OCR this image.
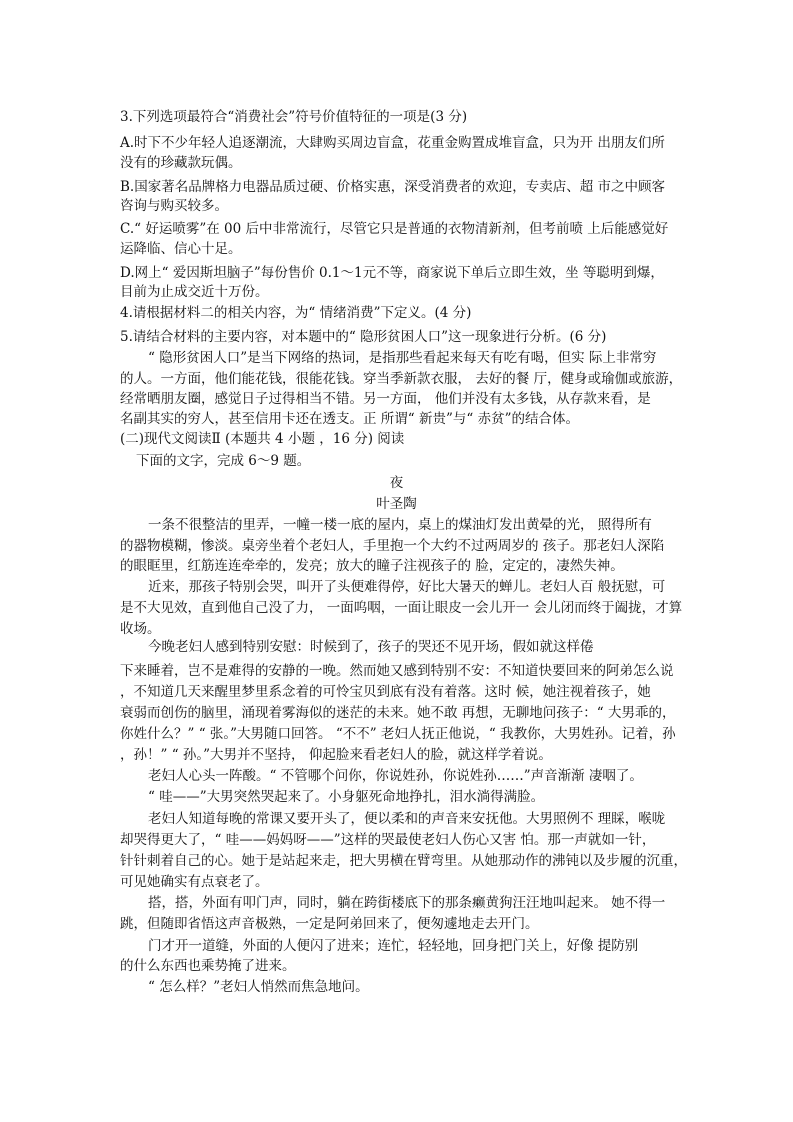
3.下列选项最符合“消费社会”符号价值特征的一项是(3 分)
A.时下不少年轻人追逐潮流，大肆购买周边盲盒，花重金购置成堆盲盒，只为开 出朋友们所
没有的珍藏款玩偶。
B.国家著名品牌格力电器品质过硬、价格实惠，深受消费者的欢迎，专卖店、超 市之中顾客
咨询与购买较多。
C.“ 好运喷雾”在 00 后中非常流行，尽管它只是普通的衣物清新剂，但考前喷 上后能感觉好
运降临、信心十足。
D.网上“ 爱因斯坦脑子”每份售价 0.1～1元不等，商家说下单后立即生效，坐 等聪明到爆，
目前为止成交近十万份。
4.请根据材料二的相关内容，为“ 情绪消费”下定义。(4 分)
5.请结合材料的主要内容，对本题中的“ 隐形贫困人口”这一现象进行分析。(6 分)
“ 隐形贫困人口”是当下网络的热词，是指那些看起来每天有吃有喝，但实 际上非常穷
的人。一方面，他们能花钱，很能花钱。穿当季新款衣服， 去好的餐 厅，健身或瑜伽或旅游，
经常晒朋友圈，感觉日子过得相当不错。另一方面， 他们并没有太多钱，从存款来看，是
名副其实的穷人，甚至信用卡还在透支。正 所谓“ 新贵”与“ 赤贫”的结合体。
(二)现代文阅读Ⅱ (本题共 4 小题 ，16 分) 阅读
下面的文字，完成 6～9 题。
夜
叶圣陶
一条不很整洁的里弄，一幢一楼一底的屋内，桌上的煤油灯发出黄晕的光， 照得所有
的器物模糊，惨淡。桌旁坐着个老妇人，手里抱一个大约不过两周岁的 孩子。那老妇人深陷
的眼眶里，红筋连连牵牵的，发亮；放大的瞳子注视孩子的 脸，定定的，凄然失神。
近来，那孩子特别会哭，叫开了头便难得停，好比大暑天的蝉儿。老妇人百 般抚慰，可
是不大见效，直到他自己没了力， 一面呜咽，一面让眼皮一会儿开一 会儿闭而终于阖拢，才算
收场。
今晚老妇人感到特别安慰：时候到了，孩子的哭还不见开场，假如就这样倦
下来睡着，岂不是难得的安静的一晚。然而她又感到特别不安：不知道快要回来的阿弟怎么说
，不知道几天来醒里梦里系念着的可怜宝贝到底有没有着落。这时 候，她注视着孩子，她
衰弱而创伤的脑里，涌现着雾海似的迷茫的未来。她不敢 再想，无聊地问孩子：“ 大男乖的，
你姓什么？” “ 张。”大男随口回答。 “不不” 老妇人抚正他说，“ 我教你，大男姓孙。记着，孙
，孙！” “ 孙。”大男并不坚持， 仰起脸来看老妇人的脸，就这样学着说。
老妇人心头一阵酸。“ 不管哪个问你，你说姓孙，你说姓孙……”声音渐渐 凄咽了。
“ 哇——”大男突然哭起来了。小身躯死命地挣扎，泪水淌得满脸。
老妇人知道每晚的常课又要开头了，便以柔和的声音来安抚他。大男照例不 理睬，喉咙
却哭得更大了，“ 哇——妈妈呀——”这样的哭最使老妇人伤心又害 怕。那一声就如一针，
针针刺着自己的心。她于是站起来走，把大男横在臂弯里。从她那动作的沸钝以及步履的沉重，
可见她确实有点衰老了。
搭，搭，外面有叩门声，同时，躺在跨街楼底下的那条癞黄狗汪汪地叫起来。 她不得一
跳，但随即省悟这声音极熟，一定是阿弟回来了，便匆遽地走去开门。
门才开一道缝，外面的人便闪了进来；连忙，轻轻地，回身把门关上，好像 提防别
的什么东西也乘势掩了进来。
“ 怎么样？”老妇人悄然而焦急地问。
